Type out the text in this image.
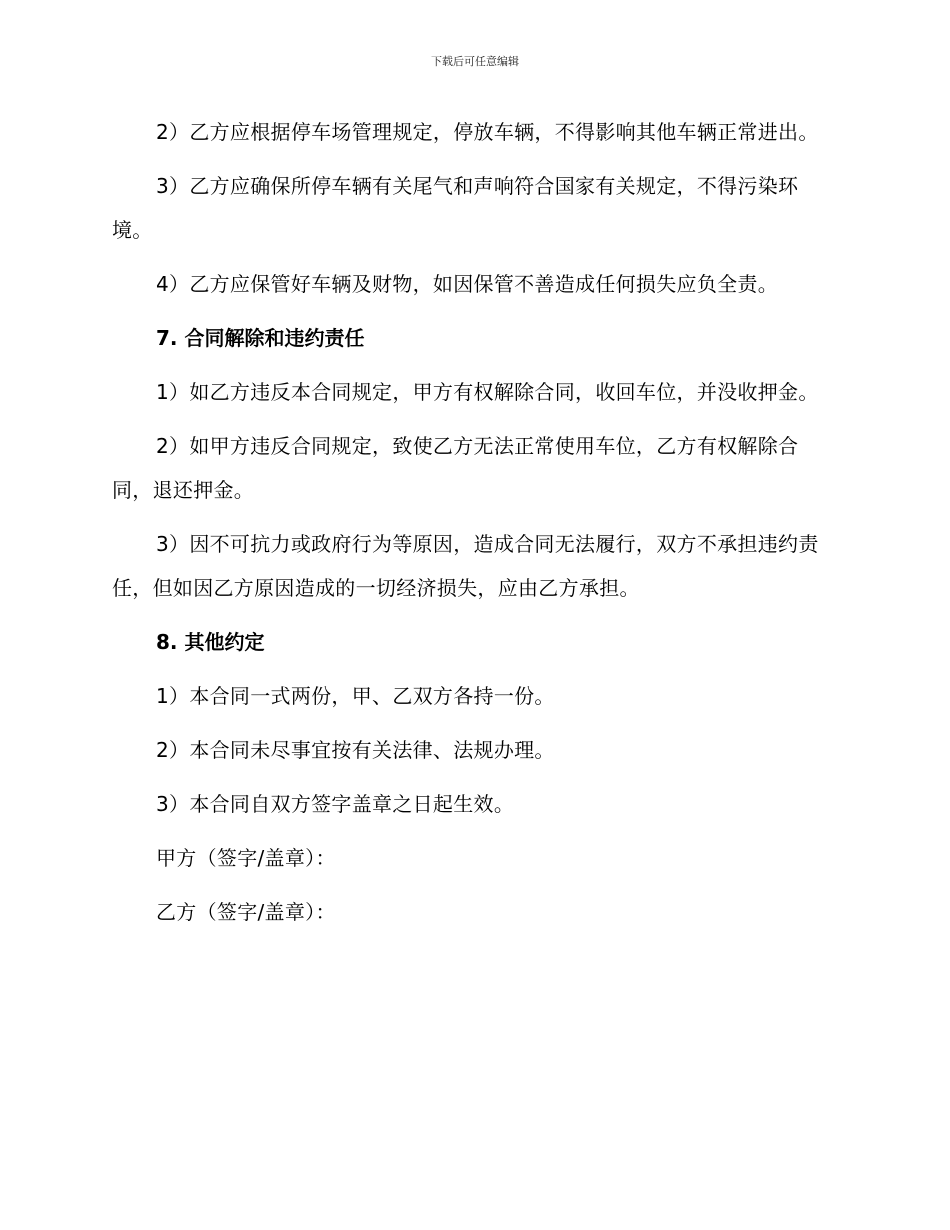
下载后可任意编辑

2）乙方应根据停车场管理规定，停放车辆，不得影响其他车辆正常进出。

3）乙方应确保所停车辆有关尾气和声响符合国家有关规定，不得污染环境。

4）乙方应保管好车辆及财物，如因保管不善造成任何损失应负全责。

7. 合同解除和违约责任

1）如乙方违反本合同规定，甲方有权解除合同，收回车位，并没收押金。

2）如甲方违反合同规定，致使乙方无法正常使用车位，乙方有权解除合同，退还押金。

3）因不可抗力或政府行为等原因，造成合同无法履行，双方不承担违约责任，但如因乙方原因造成的一切经济损失，应由乙方承担。

8. 其他约定

1）本合同一式两份，甲、乙双方各持一份。

2）本合同未尽事宜按有关法律、法规办理。

3）本合同自双方签字盖章之日起生效。

甲方（签字/盖章）：

乙方（签字/盖章）：
